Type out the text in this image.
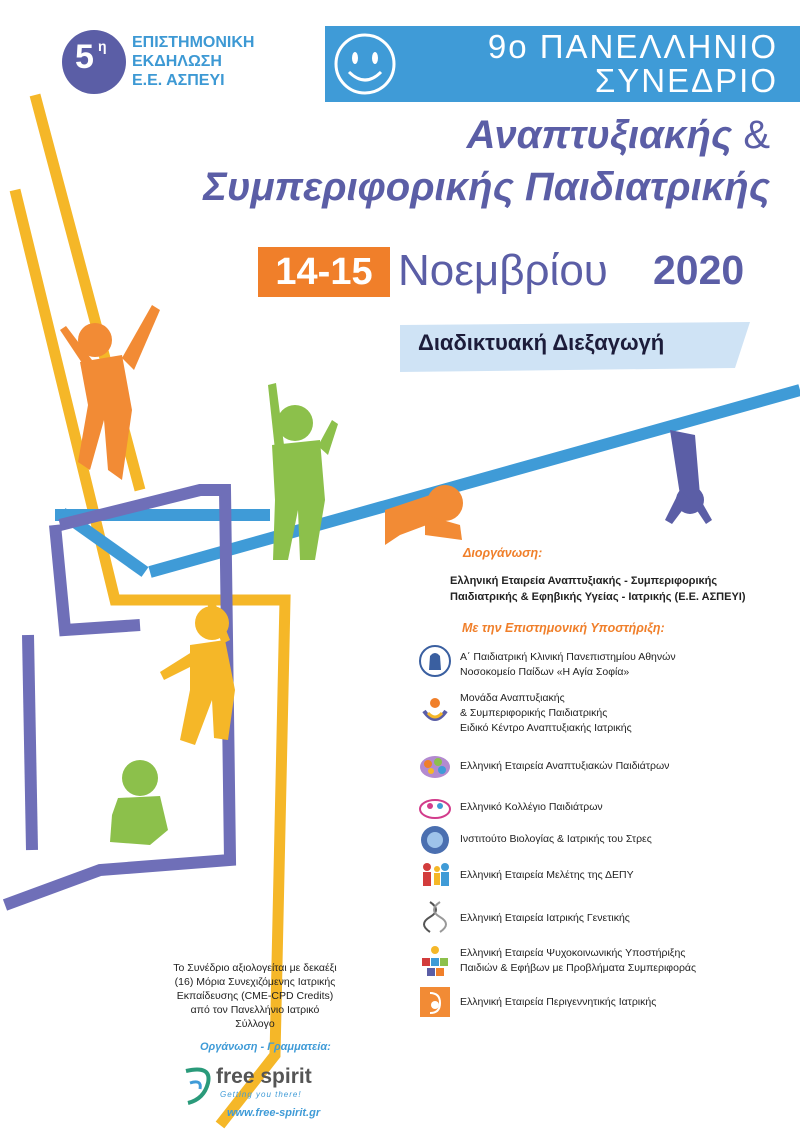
5 η ΕΠΙΣΤΗΜΟΝΙΚΗ
ΕΚΔΗΛΩΣΗ
Ε.Ε. ΑΣΠΕΥΙ
9ο ΠΑΝΕΛΛΗΝΙΟ
ΣΥΝΕΔΡΙΟ
Αναπτυξιακής &
Συμπεριφορικής Παιδιατρικής
14-15 Νοεμβρίου 2020
Διαδικτυακή Διεξαγωγή
Διοργάνωση:
Ελληνική Εταιρεία Αναπτυξιακής - Συμπεριφορικής
Παιδιατρικής & Εφηβικής Υγείας - Ιατρικής (Ε.Ε. ΑΣΠΕΥΙ)
Με την Επιστημονική Υποστήριξη:
Α΄ Παιδιατρική Κλινική Πανεπιστημίου Αθηνών
Νοσοκομείο Παίδων «Η Αγία Σοφία»
Μονάδα Αναπτυξιακής
& Συμπεριφορικής Παιδιατρικής
Ειδικό Κέντρο Αναπτυξιακής Ιατρικής
Ελληνική Εταιρεία Αναπτυξιακών Παιδιάτρων
Ελληνικό Κολλέγιο Παιδιάτρων
Ινστιτούτο Βιολογίας & Ιατρικής του Στρες
Ελληνική Εταιρεία Μελέτης της ΔΕΠΥ
Ελληνική Εταιρεία Ιατρικής Γενετικής
Ελληνική Εταιρεία Ψυχοκοινωνικής Υποστήριξης
Παιδιών & Εφήβων με Προβλήματα Συμπεριφοράς
Ελληνική Εταιρεία Περιγεννητικής Ιατρικής
Το Συνέδριο αξιολογείται με δεκαέξι (16) Μόρια Συνεχιζόμενης Ιατρικής Εκπαίδευσης (CME-CPD Credits) από τον Πανελλήνιο Ιατρικό Σύλλογο
Οργάνωση - Γραμματεία:
free spirit
Getting you there!
www.free-spirit.gr
